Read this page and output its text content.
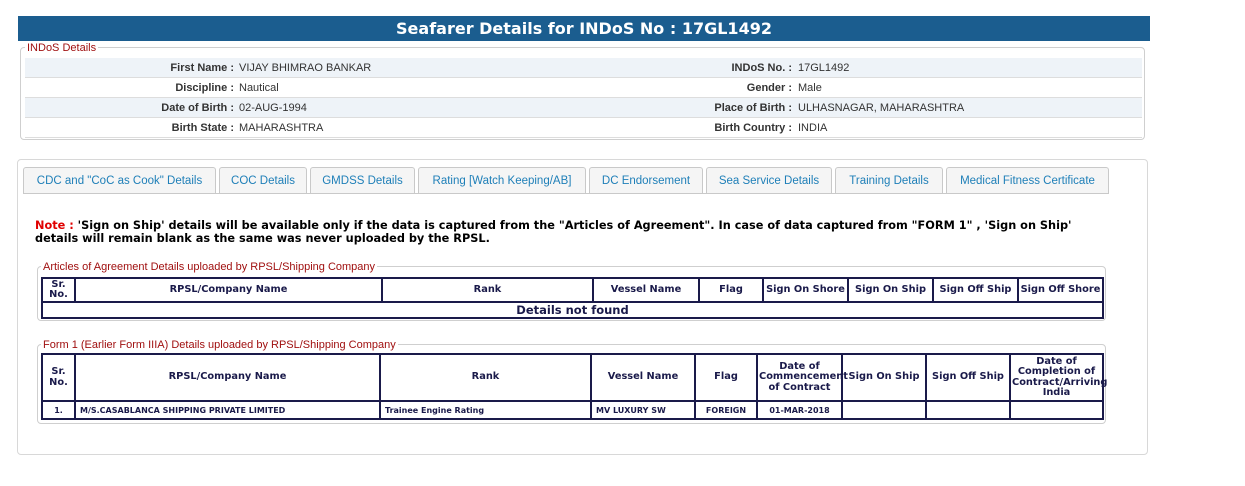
Seafarer Details for INDoS No : 17GL1492
INDoS Details
First Name : VIJAY BHIMRAO BANKAR	INDoS No. : 17GL1492
Discipline : Nautical	Gender : Male
Date of Birth : 02-AUG-1994	Place of Birth : ULHASNAGAR, MAHARASHTRA
Birth State : MAHARASHTRA	Birth Country : INDIA
CDC and "CoC as Cook" Details	COC Details	GMDSS Details	Rating [Watch Keeping/AB]	DC Endorsement	Sea Service Details	Training Details	Medical Fitness Certificate
Note : 'Sign on Ship' details will be available only if the data is captured from the "Articles of Agreement". In case of data captured from "FORM 1" , 'Sign on Ship' details will remain blank as the same was never uploaded by the RPSL.
Articles of Agreement Details uploaded by RPSL/Shipping Company
Sr. No.	RPSL/Company Name	Rank	Vessel Name	Flag	Sign On Shore	Sign On Ship	Sign Off Ship	Sign Off Shore
Details not found
Form 1 (Earlier Form IIIA) Details uploaded by RPSL/Shipping Company
Sr. No.	RPSL/Company Name	Rank	Vessel Name	Flag	Date of Commencement of Contract	Sign On Ship	Sign Off Ship	Date of Completion of Contract/Arriving India
1.	M/S.CASABLANCA SHIPPING PRIVATE LIMITED	Trainee Engine Rating	MV LUXURY SW	FOREIGN	01-MAR-2018			
